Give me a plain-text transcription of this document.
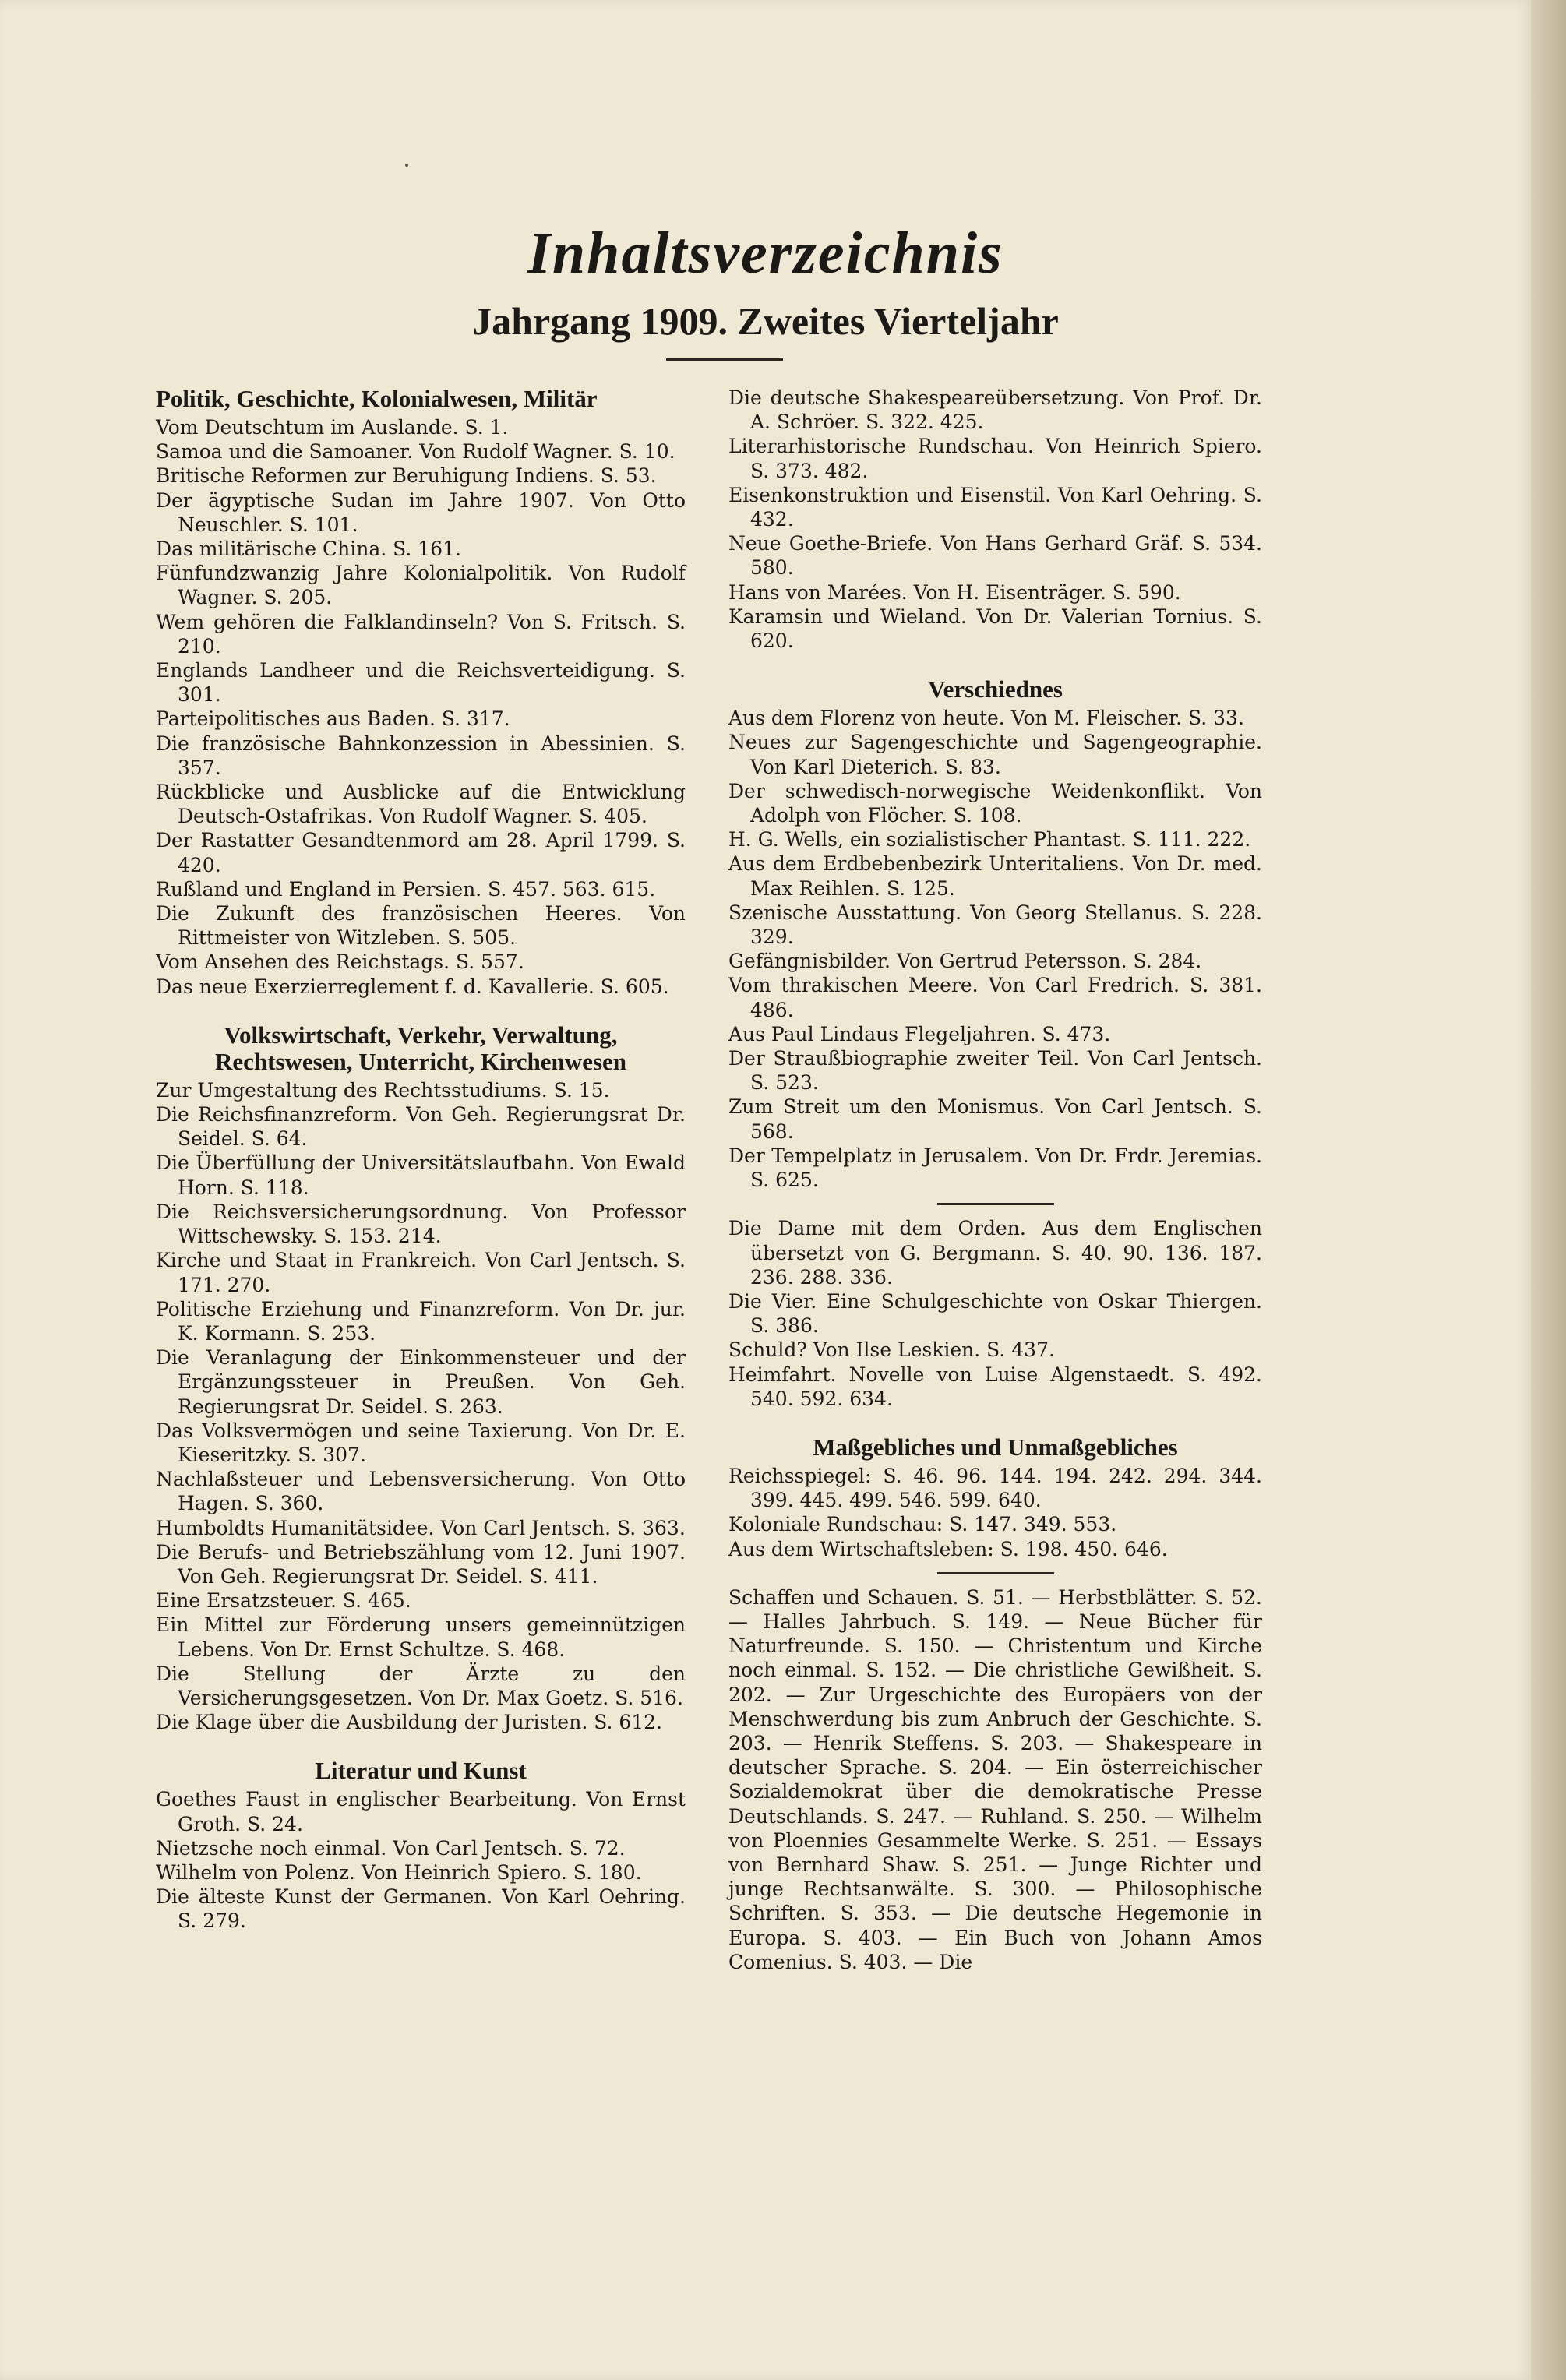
Inhaltsverzeichnis
Jahrgang 1909. Zweites Vierteljahr
Politik, Geschichte, Kolonialwesen, Militär
Vom Deutschtum im Auslande. S. 1.
Samoa und die Samoaner. Von Rudolf Wagner. S. 10.
Britische Reformen zur Beruhigung Indiens. S. 53.
Der ägyptische Sudan im Jahre 1907. Von Otto Neuschler. S. 101.
Das militärische China. S. 161.
Fünfundzwanzig Jahre Kolonialpolitik. Von Rudolf Wagner. S. 205.
Wem gehören die Falklandinseln? Von S. Fritsch. S. 210.
Englands Landheer und die Reichsverteidigung. S. 301.
Parteipolitisches aus Baden. S. 317.
Die französische Bahnkonzession in Abessinien. S. 357.
Rückblicke und Ausblicke auf die Entwicklung Deutsch-Ostafrikas. Von Rudolf Wagner. S. 405.
Der Rastatter Gesandtenmord am 28. April 1799. S. 420.
Rußland und England in Persien. S. 457. 563. 615.
Die Zukunft des französischen Heeres. Von Rittmeister von Witzleben. S. 505.
Vom Ansehen des Reichstags. S. 557.
Das neue Exerzierreglement f. d. Kavallerie. S. 605.
Volkswirtschaft, Verkehr, Verwaltung, Rechtswesen, Unterricht, Kirchenwesen
Zur Umgestaltung des Rechtsstudiums. S. 15.
Die Reichsfinanzreform. Von Geh. Regierungsrat Dr. Seidel. S. 64.
Die Überfüllung der Universitätslaufbahn. Von Ewald Horn. S. 118.
Die Reichsversicherungsordnung. Von Professor Wittschewsky. S. 153. 214.
Kirche und Staat in Frankreich. Von Carl Jentsch. S. 171. 270.
Politische Erziehung und Finanzreform. Von Dr. jur. K. Kormann. S. 253.
Die Veranlagung der Einkommensteuer und der Ergänzungssteuer in Preußen. Von Geh. Regierungsrat Dr. Seidel. S. 263.
Das Volksvermögen und seine Taxierung. Von Dr. E. Kieseritzky. S. 307.
Nachlaßsteuer und Lebensversicherung. Von Otto Hagen. S. 360.
Humboldts Humanitätsidee. Von Carl Jentsch. S. 363.
Die Berufs- und Betriebszählung vom 12. Juni 1907. Von Geh. Regierungsrat Dr. Seidel. S. 411.
Eine Ersatzsteuer. S. 465.
Ein Mittel zur Förderung unsers gemeinnützigen Lebens. Von Dr. Ernst Schultze. S. 468.
Die Stellung der Ärzte zu den Versicherungsgesetzen. Von Dr. Max Goetz. S. 516.
Die Klage über die Ausbildung der Juristen. S. 612.
Literatur und Kunst
Goethes Faust in englischer Bearbeitung. Von Ernst Groth. S. 24.
Nietzsche noch einmal. Von Carl Jentsch. S. 72.
Wilhelm von Polenz. Von Heinrich Spiero. S. 180.
Die älteste Kunst der Germanen. Von Karl Oehring. S. 279.
Die deutsche Shakespeareübersetzung. Von Prof. Dr. A. Schröer. S. 322. 425.
Literarhistorische Rundschau. Von Heinrich Spiero. S. 373. 482.
Eisenkonstruktion und Eisenstil. Von Karl Oehring. S. 432.
Neue Goethe-Briefe. Von Hans Gerhard Gräf. S. 534. 580.
Hans von Marées. Von H. Eisenträger. S. 590.
Karamsin und Wieland. Von Dr. Valerian Tornius. S. 620.
Verschiednes
Aus dem Florenz von heute. Von M. Fleischer. S. 33.
Neues zur Sagengeschichte und Sagengeographie. Von Karl Dieterich. S. 83.
Der schwedisch-norwegische Weidenkonflikt. Von Adolph von Flöcher. S. 108.
H. G. Wells, ein sozialistischer Phantast. S. 111. 222.
Aus dem Erdbebenbezirk Unteritaliens. Von Dr. med. Max Reihlen. S. 125.
Szenische Ausstattung. Von Georg Stellanus. S. 228. 329.
Gefängnisbilder. Von Gertrud Petersson. S. 284.
Vom thrakischen Meere. Von Carl Fredrich. S. 381. 486.
Aus Paul Lindaus Flegeljahren. S. 473.
Der Straußbiographie zweiter Teil. Von Carl Jentsch. S. 523.
Zum Streit um den Monismus. Von Carl Jentsch. S. 568.
Der Tempelplatz in Jerusalem. Von Dr. Frdr. Jeremias. S. 625.
Die Dame mit dem Orden. Aus dem Englischen übersetzt von G. Bergmann. S. 40. 90. 136. 187. 236. 288. 336.
Die Vier. Eine Schulgeschichte von Oskar Thiergen. S. 386.
Schuld? Von Ilse Leskien. S. 437.
Heimfahrt. Novelle von Luise Algenstaedt. S. 492. 540. 592. 634.
Maßgebliches und Unmaßgebliches
Reichsspiegel: S. 46. 96. 144. 194. 242. 294. 344. 399. 445. 499. 546. 599. 640.
Koloniale Rundschau: S. 147. 349. 553.
Aus dem Wirtschaftsleben: S. 198. 450. 646.
Schaffen und Schauen. S. 51. — Herbstblätter. S. 52. — Halles Jahrbuch. S. 149. — Neue Bücher für Naturfreunde. S. 150. — Christentum und Kirche noch einmal. S. 152. — Die christliche Gewißheit. S. 202. — Zur Urgeschichte des Europäers von der Menschwerdung bis zum Anbruch der Geschichte. S. 203. — Henrik Steffens. S. 203. — Shakespeare in deutscher Sprache. S. 204. — Ein österreichischer Sozialdemokrat über die demokratische Presse Deutschlands. S. 247. — Ruhland. S. 250. — Wilhelm von Ploennies Gesammelte Werke. S. 251. — Essays von Bernhard Shaw. S. 251. — Junge Richter und junge Rechtsanwälte. S. 300. — Philosophische Schriften. S. 353. — Die deutsche Hegemonie in Europa. S. 403. — Ein Buch von Johann Amos Comenius. S. 403. — Die
